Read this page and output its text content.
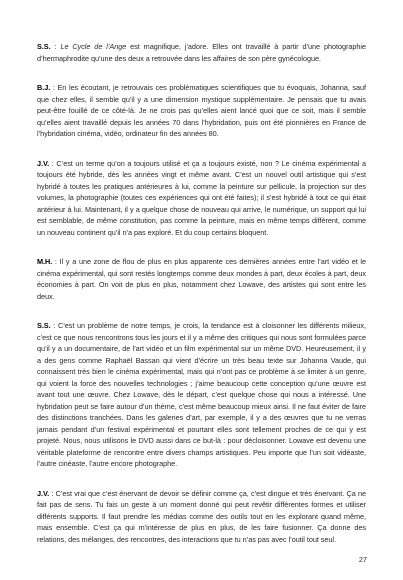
S.S. : Le Cycle de l’Ange est magnifique, j’adore. Elles ont travaillé à partir d’une photographie d’hermaphrodite qu’une des deux a retrouvée dans les affaires de son père gynécologue.

B.J. : En les écoutant, je retrouvais ces problématiques scientifiques que tu évoquais, Johanna, sauf que chez elles, il semble qu’il y a une dimension mystique supplémentaire. Je pensais que tu avais peut-être fouillé de ce côté-là. Je ne crois pas qu’elles aient lancé quoi que ce soit, mais il semble qu’elles aient travaillé depuis les années 70 dans l’hybridation, puis ont été pionnières en France de l’hybridation cinéma, vidéo, ordinateur fin des années 80.

J.V. : C’est un terme qu’on a toujours utilisé et ça a toujours existé, non ? Le cinéma expérimental a toujours été hybride, dès les années vingt et même avant. C’est un nouvel outil artistique qui s’est hybridé à toutes les pratiques antérieures à lui, comme la peinture sur pellicule, la projection sur des volumes, la photographie (toutes ces expériences qui ont été faites); il s’est hybridé à tout ce qui était antérieur à lui. Maintenant, il y a quelque chose de nouveau qui arrive, le numérique, un support qui lui est semblable, de même constitution, pas comme la peinture, mais en même temps différent, comme un nouveau continent qu’il n’a pas exploré. Et du coup certains bloquent.

M.H. : Il y a une zone de flou de plus en plus apparente ces dernières années entre l’art vidéo et le cinéma expérimental, qui sont restés longtemps comme deux mondes à part, deux écoles à part, deux économies à part. On voit de plus en plus, notamment chez Lowave, des artistes qui sont entre les deux.

S.S. : C’est un problème de notre temps, je crois, la tendance est à cloisonner les différents milieux, c’est ce que nous rencontrons tous les jours et il y a même des critiques qui nous sont formulées parce qu’il y a un documentaire, de l’art vidéo et un film expérimental sur un même DVD. Heureusement, il y a des gens comme Raphaël Bassan qui vient d’écrire un très beau texte sur Johanna Vaude, qui connaissent très bien le cinéma expérimental, mais qui n’ont pas ce problème à se limiter à un genre, qui voient la force des nouvelles technologies ; j’aime beaucoup cette conception qu’une œuvre est avant tout une œuvre. Chez Lowave, dès le départ, c’est quelque chose qui nous a intéressé. Une hybridation peut se faire autour d’un thème, c’est même beaucoup mieux ainsi. Il ne faut éviter de faire des distinctions tranchées. Dans les galeries d’art, par exemple, il y a des œuvres que tu ne verras jamais pendant d’un festival expérimental et pourtant elles sont tellement proches de ce qui y est projeté. Nous, nous utilisons le DVD aussi dans ce but-là : pour décloisonner. Lowave est devenu une véritable plateforme de rencontre entre divers champs artistiques. Peu importe que l’un soit vidéaste, l’autre cinéaste, l’autre encore photographe.

J.V. : C’est vrai que c’est énervant de devoir se définir comme ça, c’est dingue et très énervant. Ça ne fait pas de sens. Tu fais un geste à un moment donné qui peut revêtir différentes formes et utiliser différents supports. Il faut prendre les médias comme des outils tout en les explorant quand même, mais ensemble. C’est ça qui m’intéresse de plus en plus, de les faire fusionner. Ça donne des relations, des mélanges, des rencontres, des interactions que tu n’as pas avec l’outil tout seul.

27
